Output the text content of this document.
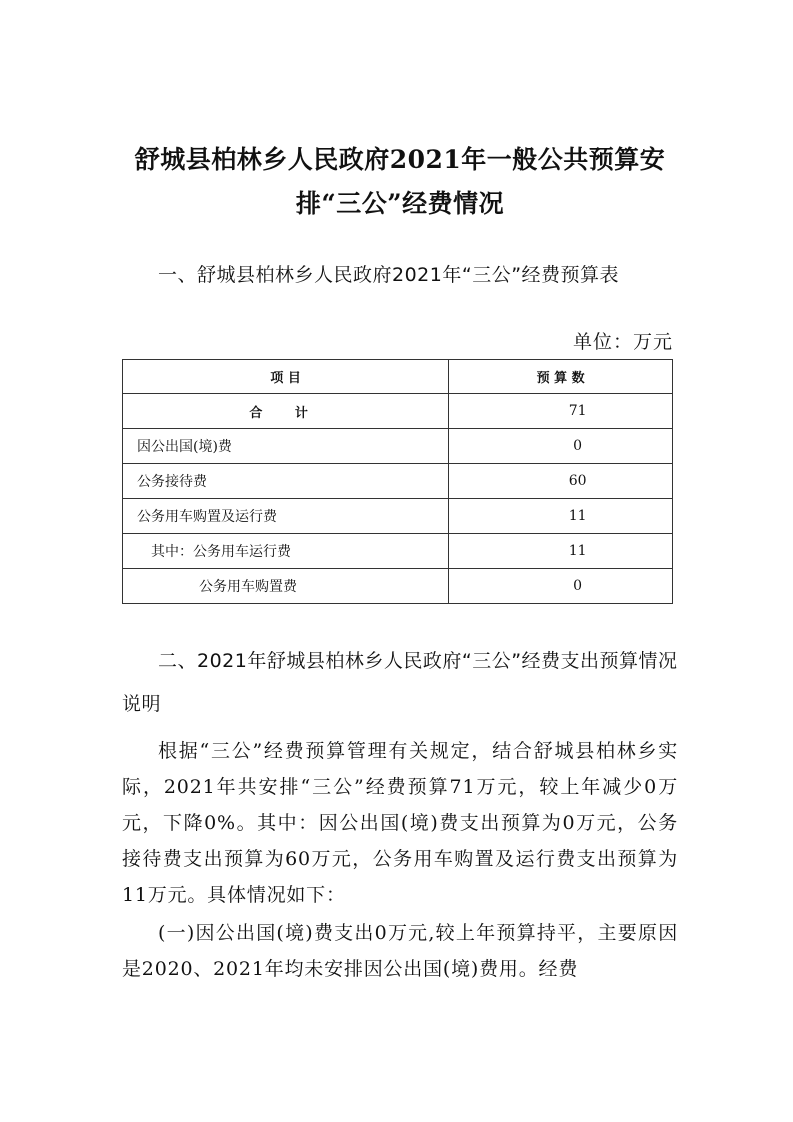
舒城县柏林乡人民政府2021年一般公共预算安排“三公”经费情况
一、舒城县柏林乡人民政府2021年“三公”经费预算表
单位：万元
项 目	预 算 数
合 计	71
因公出国(境)费	0
公务接待费	60
公务用车购置及运行费	11
其中：公务用车运行费	11
公务用车购置费	0
二、2021年舒城县柏林乡人民政府“三公”经费支出预算情况说明
根据“三公”经费预算管理有关规定，结合舒城县柏林乡实际，2021年共安排“三公”经费预算71万元，较上年减少0万元，下降0%。其中：因公出国(境)费支出预算为0万元，公务接待费支出预算为60万元，公务用车购置及运行费支出预算为11万元。具体情况如下：
(一)因公出国(境)费支出0万元,较上年预算持平，主要原因是2020、2021年均未安排因公出国(境)费用。经费
